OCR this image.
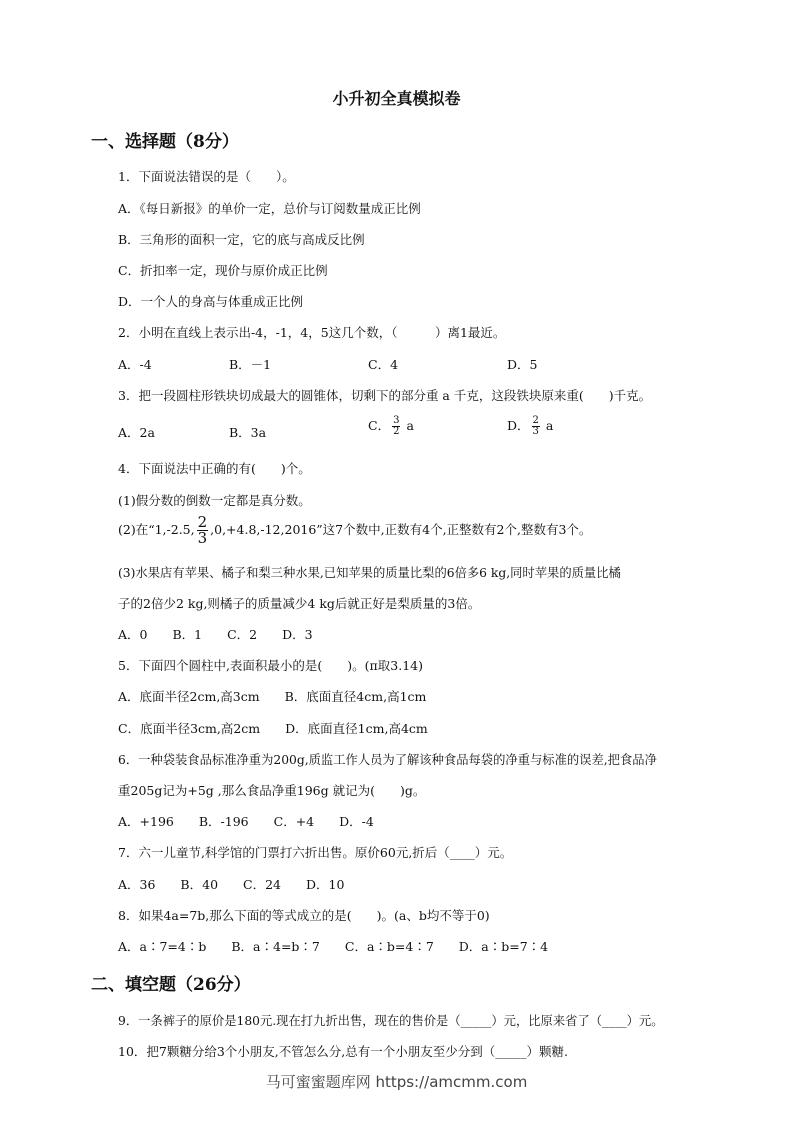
小升初全真模拟卷
一、选择题（8分）
1．下面说法错误的是（　　）。
A．《每日新报》的单价一定，总价与订阅数量成正比例
B．三角形的面积一定，它的底与高成反比例
C．折扣率一定，现价与原价成正比例
D．一个人的身高与体重成正比例
2．小明在直线上表示出-4，-1，4，5这几个数，（　　　）离1最近。
A．-4	B．－1	C．4	D．5
3．把一段圆柱形铁块切成最大的圆锥体，切剩下的部分重 a 千克，这段铁块原来重(　　)千克。
A．2a	B．3a	C． $\frac{3}{2}$ a	D． $\frac{2}{3}$ a
4．下面说法中正确的有(　　)个。
(1)假分数的倒数一定都是真分数。
(2)在“1,-2.5, $\frac{2}{3} ,0,+4.8,-12,2016$”这7个数中,正数有4个,正整数有2个,整数有3个。
(3)水果店有苹果、橘子和梨三种水果,已知苹果的质量比梨的6倍多6 kg,同时苹果的质量比橘
子的2倍少2 kg,则橘子的质量减少4 kg后就正好是梨质量的3倍。
A．0　　B．1　　C．2　　D．3
5．下面四个圆柱中,表面积最小的是(　　)。(π取3.14)
A．底面半径2cm,高3cm　　B．底面直径4cm,高1cm
C．底面半径3cm,高2cm　　D．底面直径1cm,高4cm
6．一种袋装食品标准净重为200g,质监工作人员为了解该种食品每袋的净重与标准的误差,把食品净
重205g记为+5g ,那么食品净重196g 就记为(　　)g。
A．+196　　B．-196　　C．+4　　D．-4
7．六一儿童节,科学馆的门票打六折出售。原价60元,折后（____）元。
A．36　　B．40　　C．24　　D．10
8．如果4a=7b,那么下面的等式成立的是(　　)。(a、b均不等于0)
A．a∶7=4∶b　　B．a∶4=b∶7　　C．a∶b=4∶7　　D．a∶b=7∶4
二、填空题（26分）
9．一条裤子的原价是180元.现在打九折出售，现在的售价是（_____）元，比原来省了（____）元。
10．把7颗糖分给3个小朋友,不管怎么分,总有一个小朋友至少分到（_____）颗糖.
马可蜜蜜题库网 https://amcmm.com
